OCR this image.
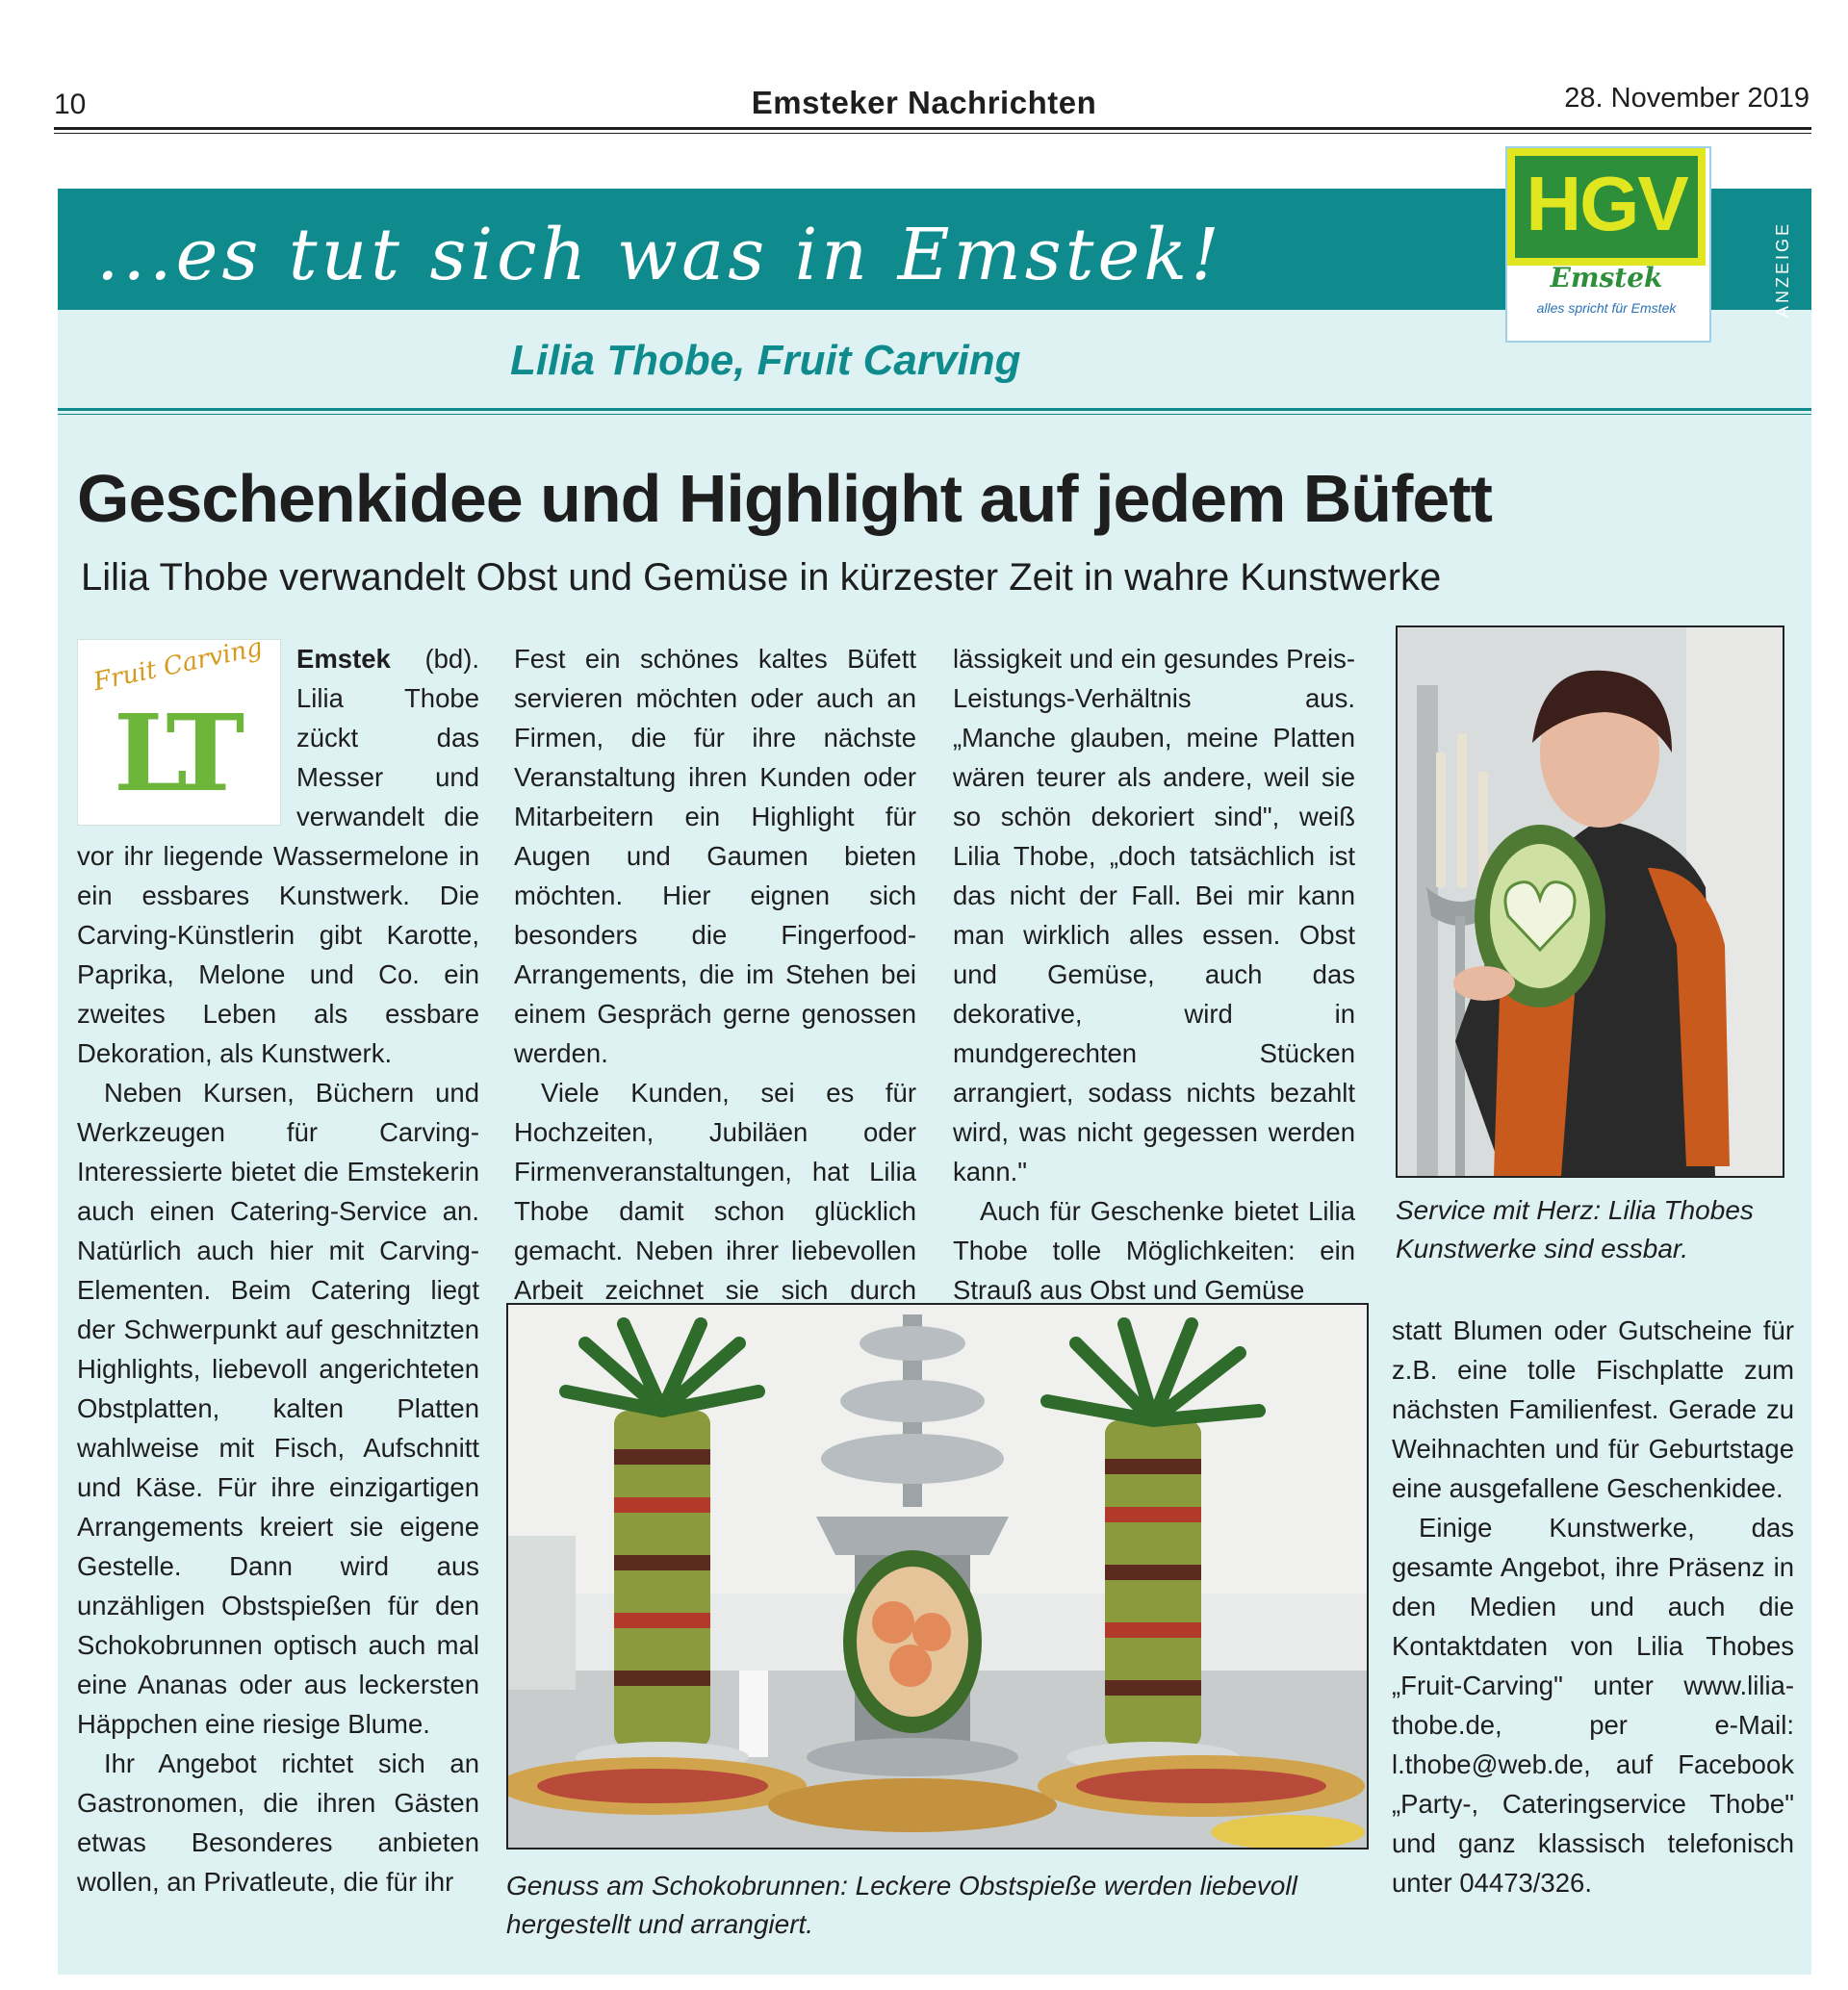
10	Emsteker Nachrichten	28. November 2019
...es tut sich was in Emstek!	ANZEIGE
HGV
Emstek
alles spricht für Emstek
Lilia Thobe, Fruit Carving
Geschenkidee und Highlight auf jedem Büfett
Lilia Thobe verwandelt Obst und Gemüse in kürzester Zeit in wahre Kunstwerke
Fruit Carving
LT

Emstek (bd). Lilia Thobe zückt das Messer und verwandelt die vor ihr liegende Wassermelone in ein essbares Kunstwerk. Die Carving-Künstlerin gibt Karotte, Paprika, Melone und Co. ein zweites Leben als essbare Dekoration, als Kunstwerk.

Neben Kursen, Büchern und Werkzeugen für Carving-Interessierte bietet die Emstekerin auch einen Catering-Service an. Natürlich auch hier mit Carving-Elementen. Beim Catering liegt der Schwerpunkt auf geschnitzten Highlights, liebevoll angerichteten Obstplatten, kalten Platten wahlweise mit Fisch, Aufschnitt und Käse. Für ihre einzigartigen Arrangements kreiert sie eigene Gestelle. Dann wird aus unzähligen Obstspießen für den Schokobrunnen optisch auch mal eine Ananas oder aus leckersten Häppchen eine riesige Blume.

Ihr Angebot richtet sich an Gastronomen, die ihren Gästen etwas Besonderes anbieten wollen, an Privatleute, die für ihr

Fest ein schönes kaltes Büfett servieren möchten oder auch an Firmen, die für ihre nächste Veranstaltung ihren Kunden oder Mitarbeitern ein Highlight für Augen und Gaumen bieten möchten. Hier eignen sich besonders die Fingerfood-Arrangements, die im Stehen bei einem Gespräch gerne genossen werden.

Viele Kunden, sei es für Hochzeiten, Jubiläen oder Firmenveranstaltungen, hat Lilia Thobe damit schon glücklich gemacht. Neben ihrer liebevollen Arbeit zeichnet sie sich durch

lässigkeit und ein gesundes Preis-Leistungs-Verhältnis aus. „Manche glauben, meine Platten wären teurer als andere, weil sie so schön dekoriert sind", weiß Lilia Thobe, „doch tatsächlich ist das nicht der Fall. Bei mir kann man wirklich alles essen. Obst und Gemüse, auch das dekorative, wird in mundgerechten Stücken arrangiert, sodass nichts bezahlt wird, was nicht gegessen werden kann."

Auch für Geschenke bietet Lilia Thobe tolle Möglichkeiten: ein Strauß aus Obst und Gemüse

statt Blumen oder Gutscheine für z.B. eine tolle Fischplatte zum nächsten Familienfest. Gerade zu Weihnachten und für Geburtstage eine ausgefallene Geschenkidee.

Einige Kunstwerke, das gesamte Angebot, ihre Präsenz in den Medien und auch die Kontaktdaten von Lilia Thobes „Fruit-Carving" unter www.lilia-thobe.de, per e-Mail: l.thobe@web.de, auf Facebook „Party-, Cateringservice Thobe" und ganz klassisch telefonisch unter 04473/326.

Service mit Herz: Lilia Thobes Kunstwerke sind essbar.
Genuss am Schokobrunnen: Leckere Obstspieße werden liebevoll hergestellt und arrangiert.
